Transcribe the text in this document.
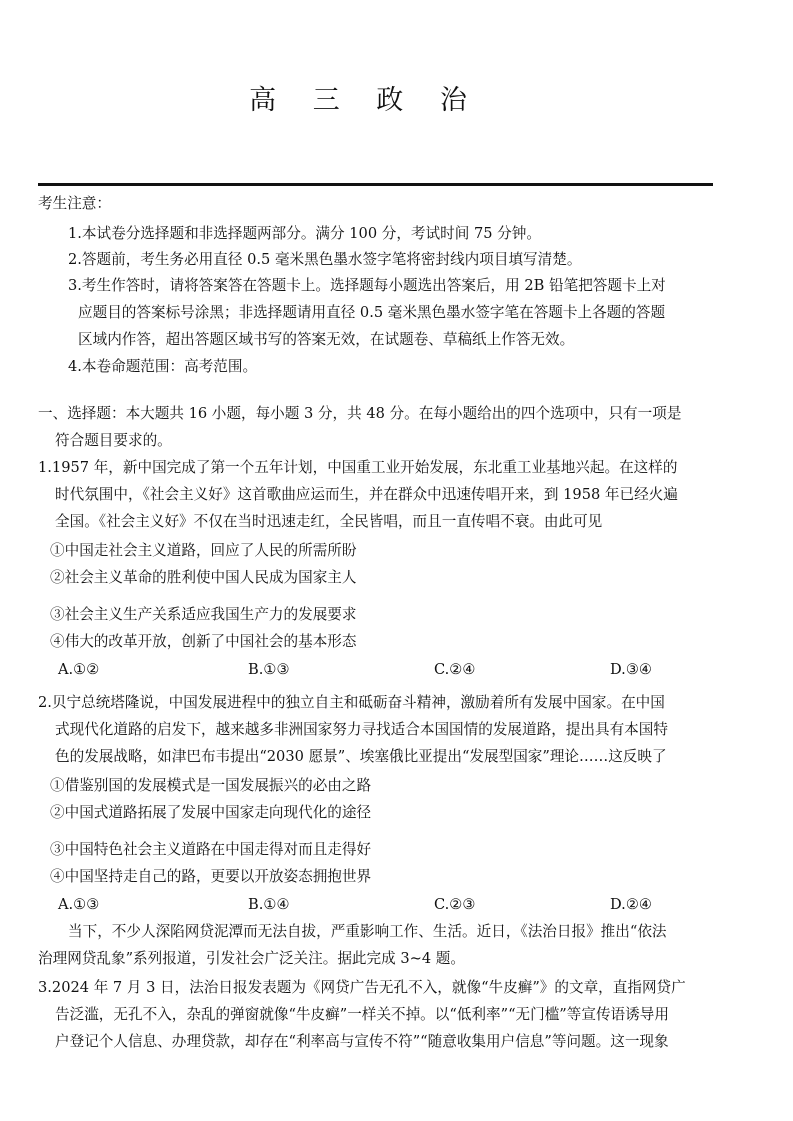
高 三 政 治
考生注意：
1.本试卷分选择题和非选择题两部分。满分 100 分，考试时间 75 分钟。
2.答题前，考生务必用直径 0.5 毫米黑色墨水签字笔将密封线内项目填写清楚。
3.考生作答时，请将答案答在答题卡上。选择题每小题选出答案后，用 2B 铅笔把答题卡上对
应题目的答案标号涂黑；非选择题请用直径 0.5 毫米黑色墨水签字笔在答题卡上各题的答题
区域内作答，超出答题区域书写的答案无效，在试题卷、草稿纸上作答无效。
4.本卷命题范围：高考范围。
一、选择题：本大题共 16 小题，每小题 3 分，共 48 分。在每小题给出的四个选项中，只有一项是
符合题目要求的。
1.1957 年，新中国完成了第一个五年计划，中国重工业开始发展，东北重工业基地兴起。在这样的
时代氛围中，《社会主义好》这首歌曲应运而生，并在群众中迅速传唱开来，到 1958 年已经火遍
全国。《社会主义好》不仅在当时迅速走红，全民皆唱，而且一直传唱不衰。由此可见
①中国走社会主义道路，回应了人民的所需所盼
②社会主义革命的胜利使中国人民成为国家主人
③社会主义生产关系适应我国生产力的发展要求
④伟大的改革开放，创新了中国社会的基本形态
A.①②	B.①③	C.②④	D.③④
2.贝宁总统塔隆说，中国发展进程中的独立自主和砥砺奋斗精神，激励着所有发展中国家。在中国
式现代化道路的启发下，越来越多非洲国家努力寻找适合本国国情的发展道路，提出具有本国特
色的发展战略，如津巴布韦提出“2030 愿景”、埃塞俄比亚提出“发展型国家”理论……这反映了
①借鉴别国的发展模式是一国发展振兴的必由之路
②中国式道路拓展了发展中国家走向现代化的途径
③中国特色社会主义道路在中国走得对而且走得好
④中国坚持走自己的路，更要以开放姿态拥抱世界
A.①③	B.①④	C.②③	D.②④
当下，不少人深陷网贷泥潭而无法自拔，严重影响工作、生活。近日，《法治日报》推出“依法
治理网贷乱象”系列报道，引发社会广泛关注。据此完成 3~4 题。
3.2024 年 7 月 3 日，法治日报发表题为《网贷广告无孔不入，就像“牛皮癣”》的文章，直指网贷广
告泛滥，无孔不入，杂乱的弹窗就像“牛皮癣”一样关不掉。以“低利率”“无门槛”等宣传语诱导用
户登记个人信息、办理贷款，却存在“利率高与宣传不符”“随意收集用户信息”等问题。这一现象
